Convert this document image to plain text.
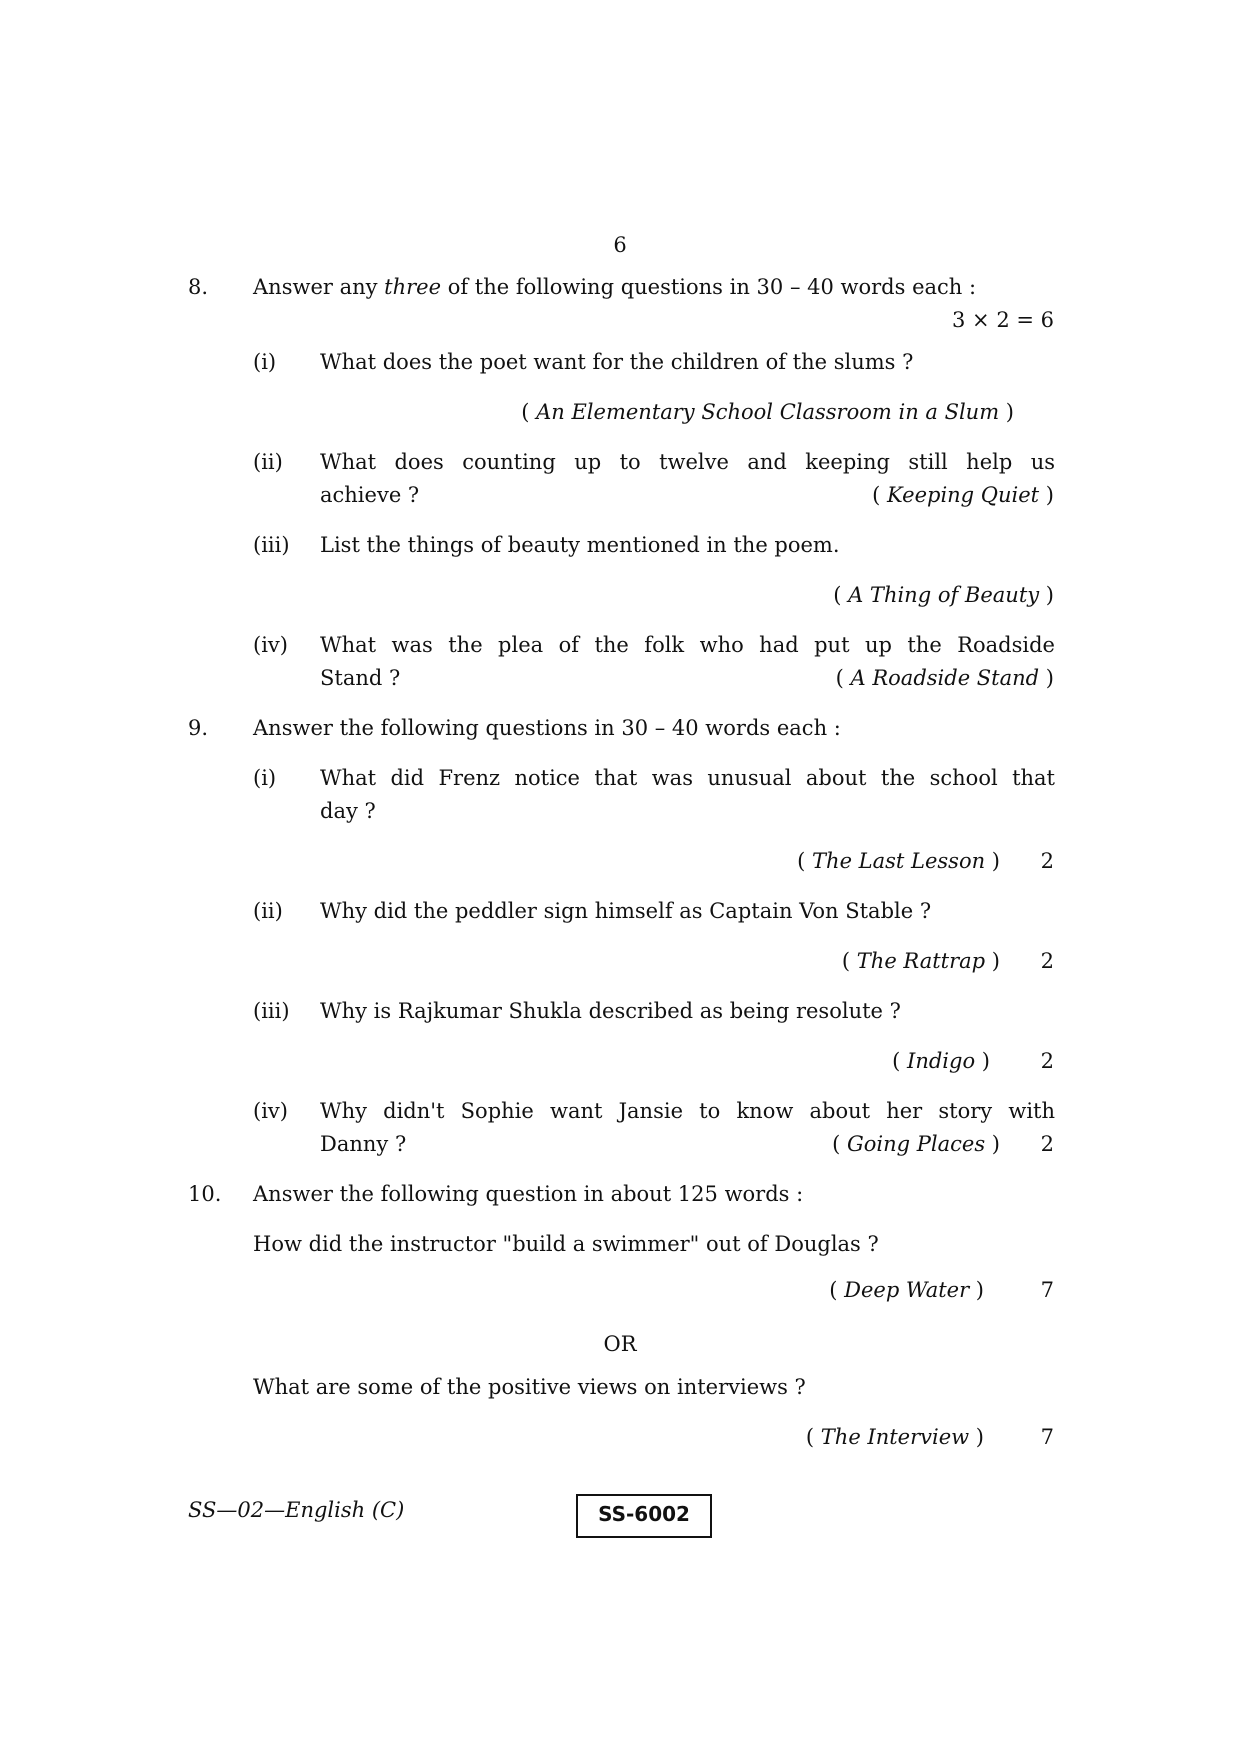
6
8. Answer any three of the following questions in 30 – 40 words each :
3 × 2 = 6
(i) What does the poet want for the children of the slums ?
( An Elementary School Classroom in a Slum )
(ii) What does counting up to twelve and keeping still help us
achieve ?	( Keeping Quiet )
(iii) List the things of beauty mentioned in the poem.
( A Thing of Beauty )
(iv) What was the plea of the folk who had put up the Roadside
Stand ?	( A Roadside Stand )
9. Answer the following questions in 30 – 40 words each :
(i) What did Frenz notice that was unusual about the school that
day ?
( The Last Lesson ) 2
(ii) Why did the peddler sign himself as Captain Von Stable ?
( The Rattrap ) 2
(iii) Why is Rajkumar Shukla described as being resolute ?
( Indigo ) 2
(iv) Why didn't Sophie want Jansie to know about her story with
Danny ?	( Going Places ) 2
10. Answer the following question in about 125 words :
How did the instructor "build a swimmer" out of Douglas ?
( Deep Water )	7
OR
What are some of the positive views on interviews ?
( The Interview )	7
SS—02—English (C)	SS-6002
